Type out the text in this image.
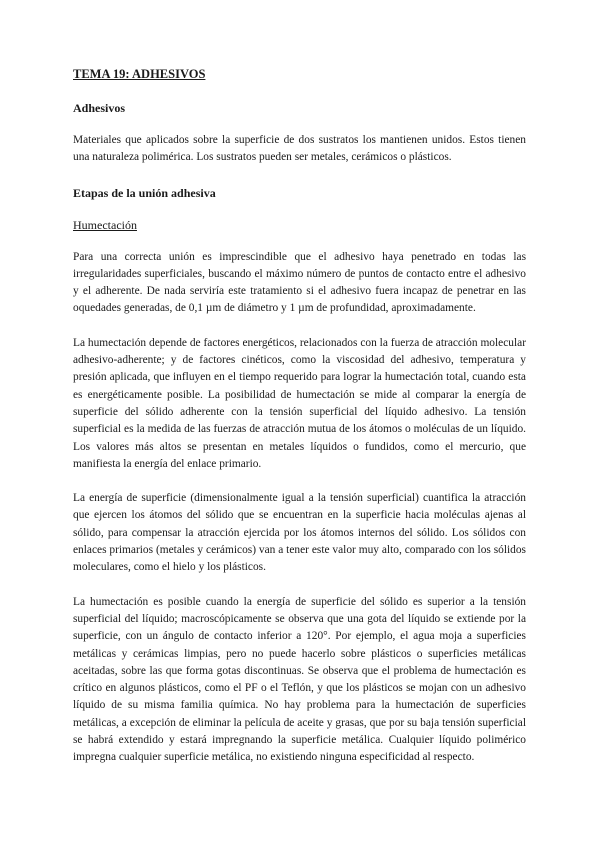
TEMA 19: ADHESIVOS
Adhesivos
Materiales que aplicados sobre la superficie de dos sustratos los mantienen unidos. Estos tienen una naturaleza polimérica. Los sustratos pueden ser metales, cerámicos o plásticos.
Etapas de la unión adhesiva
Humectación
Para una correcta unión es imprescindible que el adhesivo haya penetrado en todas las irregularidades superficiales, buscando el máximo número de puntos de contacto entre el adhesivo y el adherente. De nada serviría este tratamiento si el adhesivo fuera incapaz de penetrar en las oquedades generadas, de 0,1 µm de diámetro y 1 µm de profundidad, aproximadamente.
La humectación depende de factores energéticos, relacionados con la fuerza de atracción molecular adhesivo-adherente; y de factores cinéticos, como la viscosidad del adhesivo, temperatura y presión aplicada, que influyen en el tiempo requerido para lograr la humectación total, cuando esta es energéticamente posible. La posibilidad de humectación se mide al comparar la energía de superficie del sólido adherente con la tensión superficial del líquido adhesivo. La tensión superficial es la medida de las fuerzas de atracción mutua de los átomos o moléculas de un líquido. Los valores más altos se presentan en metales líquidos o fundidos, como el mercurio, que manifiesta la energía del enlace primario.
La energía de superficie (dimensionalmente igual a la tensión superficial) cuantifica la atracción que ejercen los átomos del sólido que se encuentran en la superficie hacia moléculas ajenas al sólido, para compensar la atracción ejercida por los átomos internos del sólido. Los sólidos con enlaces primarios (metales y cerámicos) van a tener este valor muy alto, comparado con los sólidos moleculares, como el hielo y los plásticos.
La humectación es posible cuando la energía de superficie del sólido es superior a la tensión superficial del líquido; macroscópicamente se observa que una gota del líquido se extiende por la superficie, con un ángulo de contacto inferior a 120°. Por ejemplo, el agua moja a superficies metálicas y cerámicas limpias, pero no puede hacerlo sobre plásticos o superficies metálicas aceitadas, sobre las que forma gotas discontinuas. Se observa que el problema de humectación es crítico en algunos plásticos, como el PF o el Teflón, y que los plásticos se mojan con un adhesivo líquido de su misma familia química. No hay problema para la humectación de superficies metálicas, a excepción de eliminar la película de aceite y grasas, que por su baja tensión superficial se habrá extendido y estará impregnando la superficie metálica. Cualquier líquido polimérico impregna cualquier superficie metálica, no existiendo ninguna especificidad al respecto.
